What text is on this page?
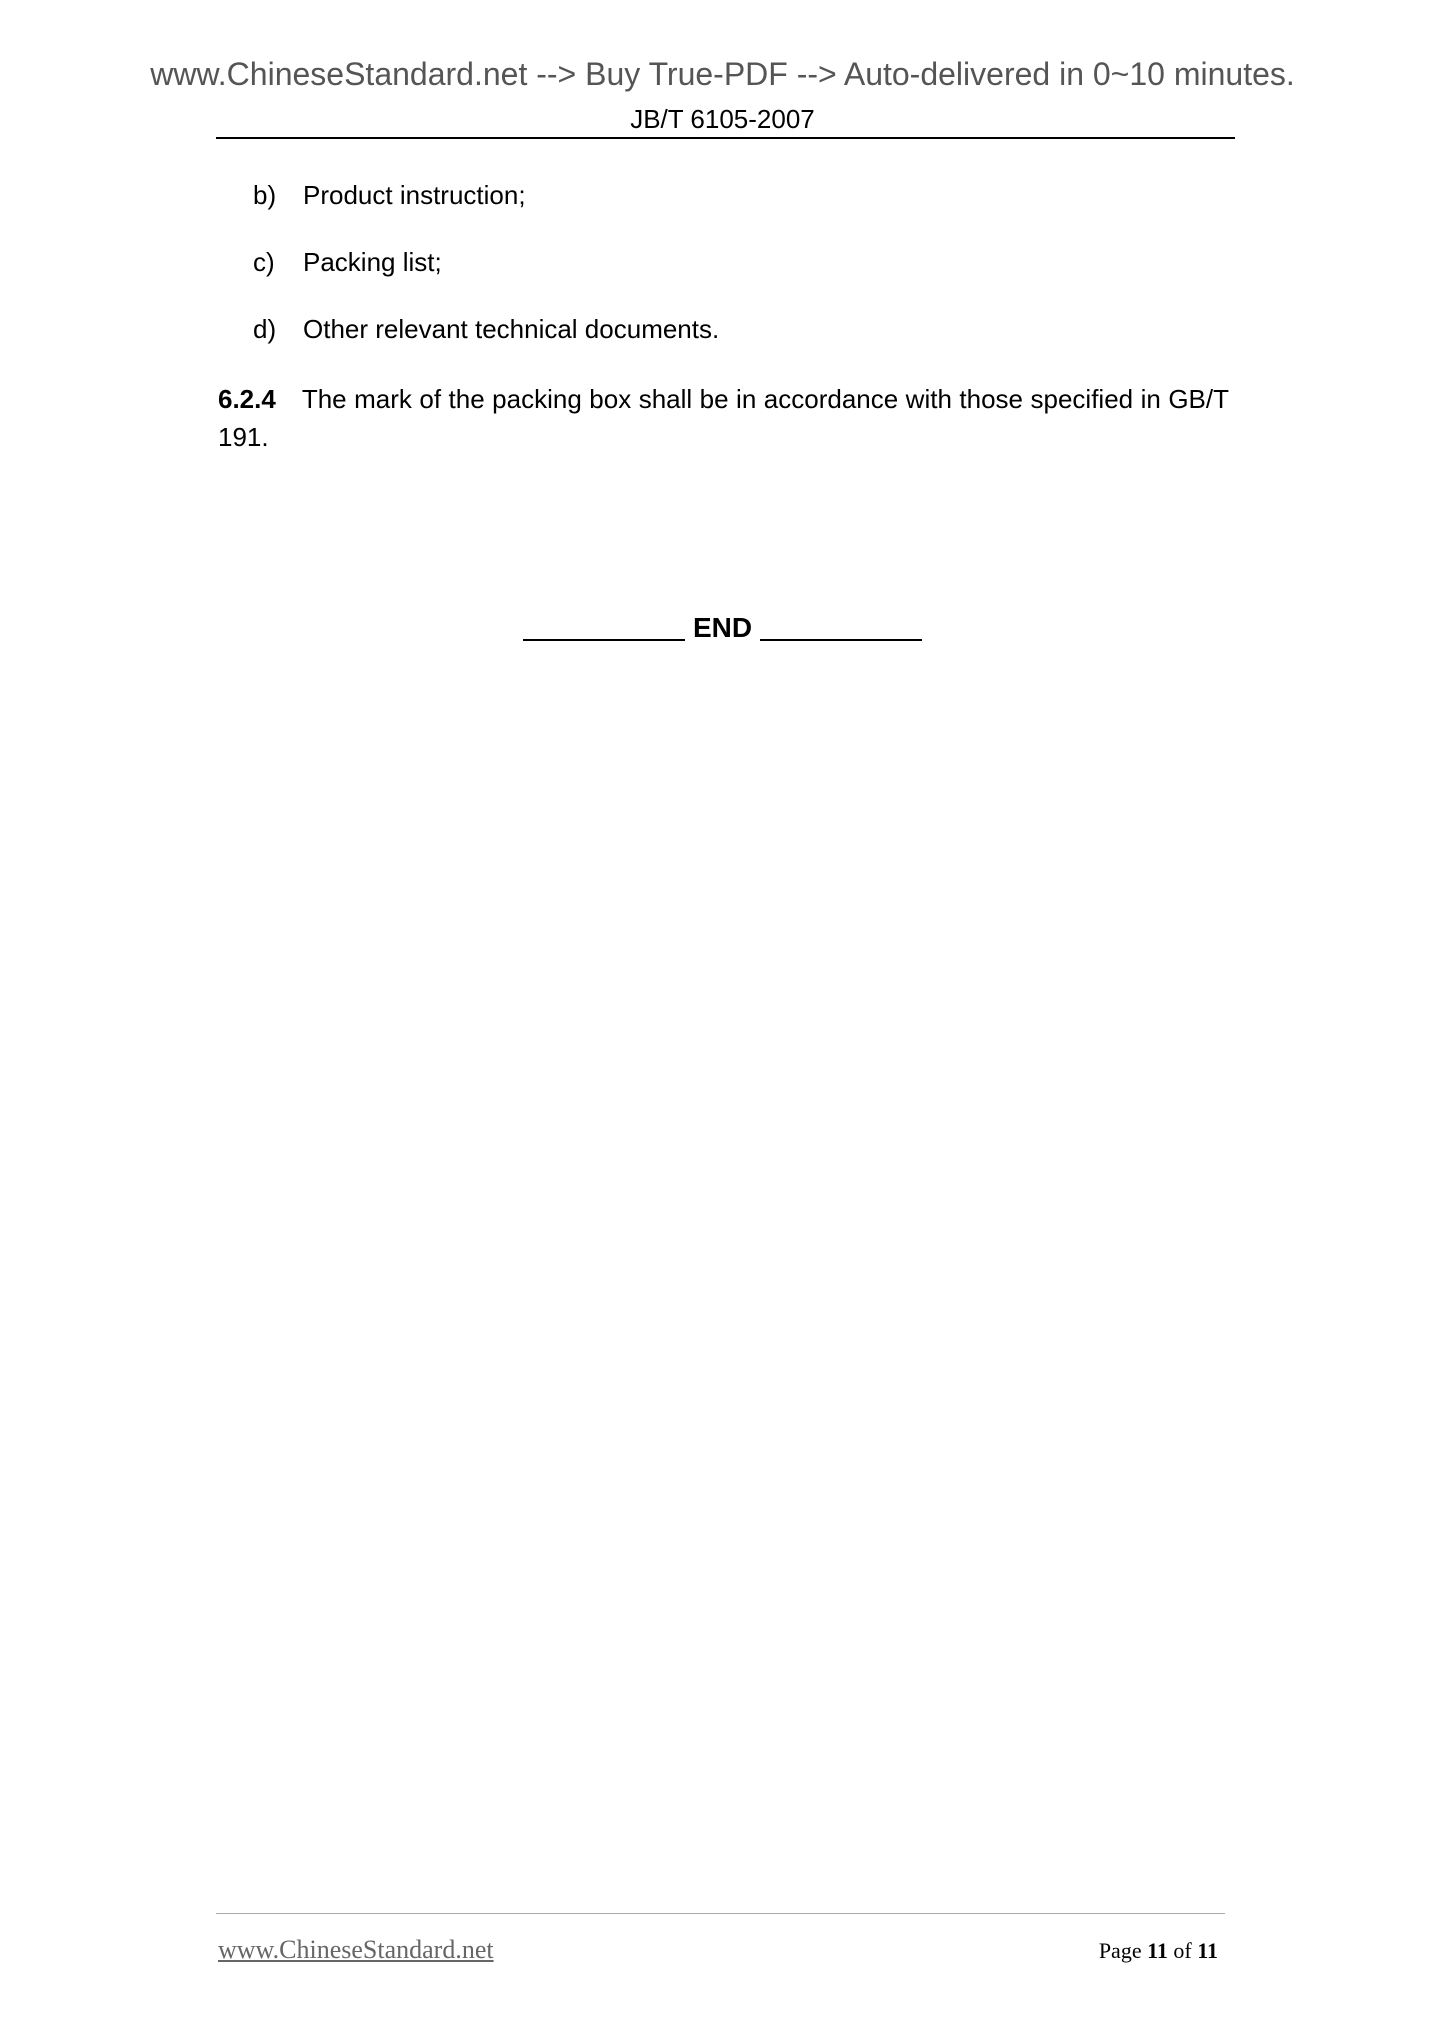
www.ChineseStandard.net --> Buy True-PDF --> Auto-delivered in 0~10 minutes.
JB/T 6105-2007
b) Product instruction;
c) Packing list;
d) Other relevant technical documents.
6.2.4 The mark of the packing box shall be in accordance with those specified in GB/T 191.
END
www.ChineseStandard.net	Page 11 of 11
